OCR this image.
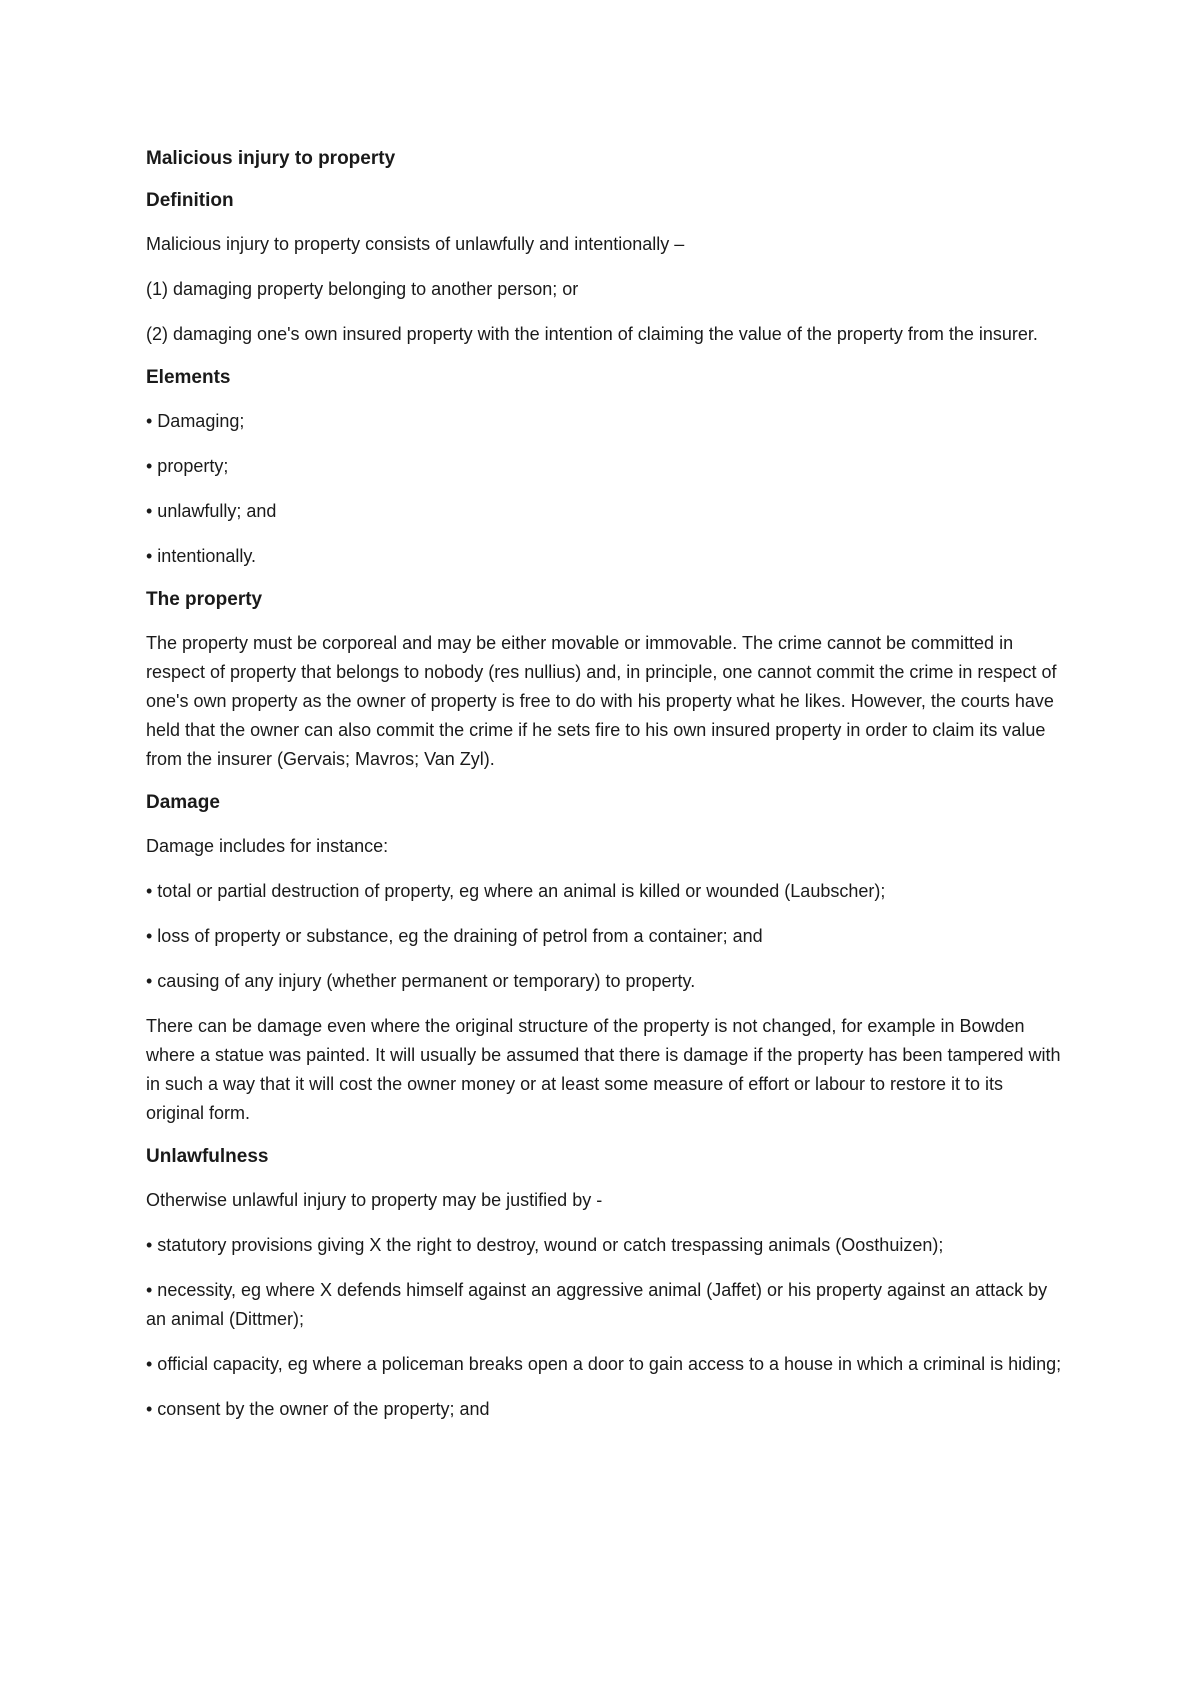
Malicious injury to property
Definition
Malicious injury to property consists of unlawfully and intentionally –
(1) damaging property belonging to another person; or
(2) damaging one's own insured property with the intention of claiming the value of the property from the insurer.
Elements
• Damaging;
• property;
• unlawfully; and
• intentionally.
The property
The property must be corporeal and may be either movable or immovable. The crime cannot be committed in respect of property that belongs to nobody (res nullius) and, in principle, one cannot commit the crime in respect of one's own property as the owner of property is free to do with his property what he likes. However, the courts have held that the owner can also commit the crime if he sets fire to his own insured property in order to claim its value from the insurer (Gervais; Mavros; Van Zyl).
Damage
Damage includes for instance:
• total or partial destruction of property, eg where an animal is killed or wounded (Laubscher);
• loss of property or substance, eg the draining of petrol from a container; and
• causing of any injury (whether permanent or temporary) to property.
There can be damage even where the original structure of the property is not changed, for example in Bowden where a statue was painted. It will usually be assumed that there is damage if the property has been tampered with in such a way that it will cost the owner money or at least some measure of effort or labour to restore it to its original form.
Unlawfulness
Otherwise unlawful injury to property may be justified by -
• statutory provisions giving X the right to destroy, wound or catch trespassing animals (Oosthuizen);
• necessity, eg where X defends himself against an aggressive animal (Jaffet) or his property against an attack by an animal (Dittmer);
• official capacity, eg where a policeman breaks open a door to gain access to a house in which a criminal is hiding;
• consent by the owner of the property; and
